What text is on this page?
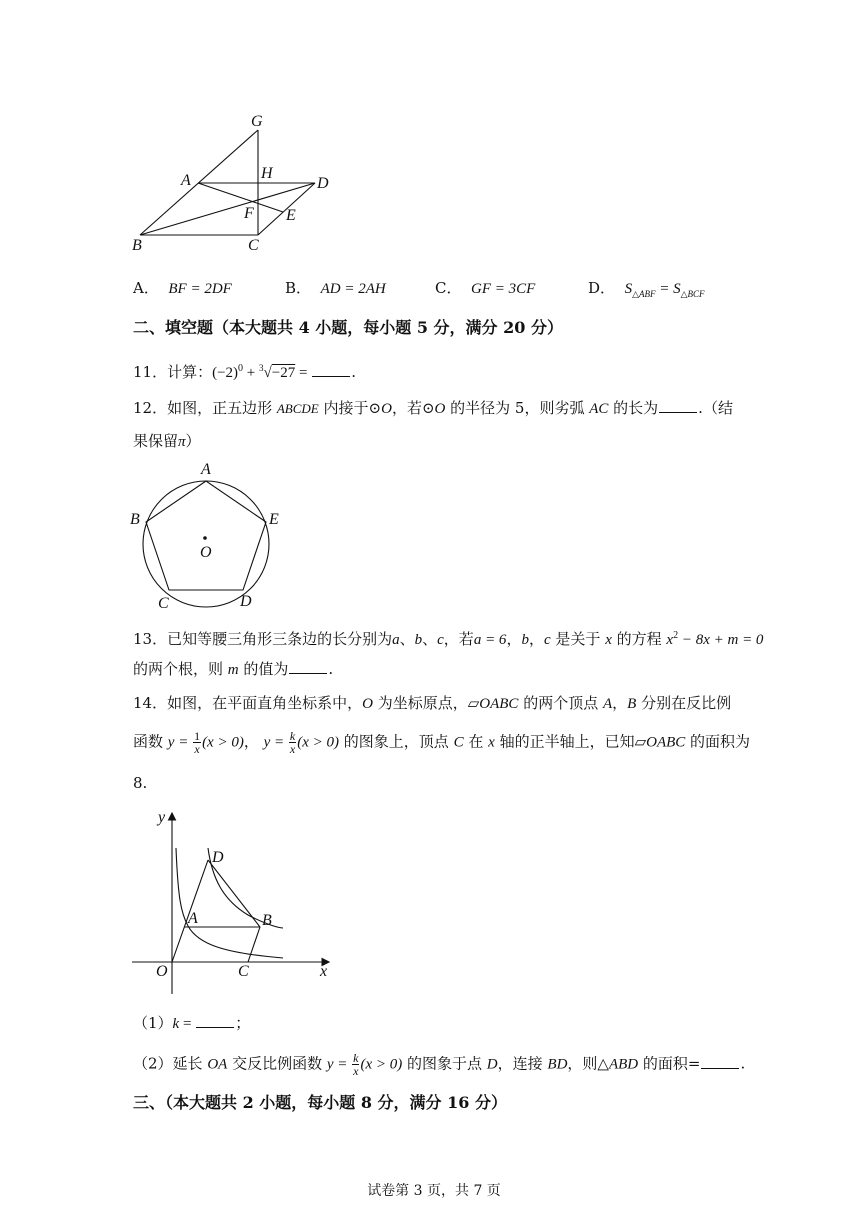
G
A	H
D
F E
B	C
A． BF = 2DF	B． AD = 2AH	C． GF = 3CF	D． $S_{\triangle ABF} = S_{\triangle BCF}$
二、填空题（本大题共 4 小题，每小题 5 分，满分 20 分）
11．计算：$(-2)^0 + ^3√-27$ =	.
12．如图，正五边形 ABCDE 内接于⊙O，若⊙O 的半径为 5，则劣弧 AC 的长为	.（结
果保留π）
A
B	E
O
C	D
13．已知等腰三角形三条边的长分别为a、b、c，若a = 6，b，c 是关于 x 的方程 $x^2 - 8x + m = 0$
的两个根，则 m 的值为	.
14．如图，在平面直角坐标系中，O 为坐标原点，▱OABC 的两个顶点 A，B 分别在反比例
函数 $y = \frac{1}{x} (x > 0)$， $y = \frac{k}{x} (x > 0)$ 的图象上，顶点 C 在 x 轴的正半轴上，已知▱OABC 的面积为
8.
y
x
O
A	B
C
D
（1）k =	；
（2）延长 OA 交反比例函数 $y = \frac{k}{x} (x > 0)$ 的图象于点 D，连接 BD，则△ABD 的面积=	.
三、（本大题共 2 小题，每小题 8 分，满分 16 分）
试卷第 3 页，共 7 页
